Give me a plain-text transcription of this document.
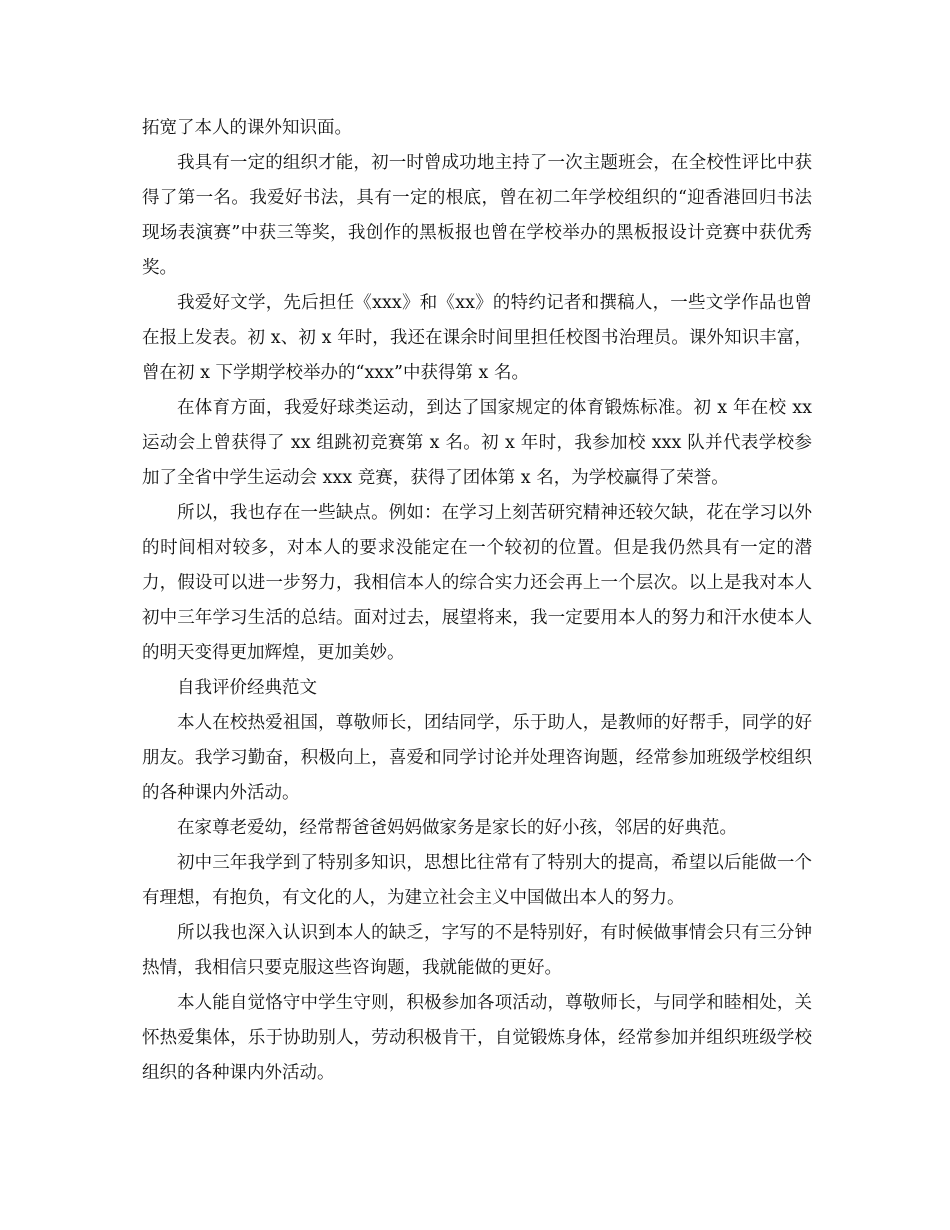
拓宽了本人的课外知识面。

我具有一定的组织才能，初一时曾成功地主持了一次主题班会，在全校性评比中获得了第一名。我爱好书法，具有一定的根底，曾在初二年学校组织的“迎香港回归书法现场表演赛”中获三等奖，我创作的黑板报也曾在学校举办的黑板报设计竞赛中获优秀奖。

我爱好文学，先后担任《xxx》和《xx》的特约记者和撰稿人，一些文学作品也曾在报上发表。初 x、初 x 年时，我还在课余时间里担任校图书治理员。课外知识丰富，曾在初 x 下学期学校举办的“xxx”中获得第 x 名。

在体育方面，我爱好球类运动，到达了国家规定的体育锻炼标准。初 x 年在校 xx 运动会上曾获得了 xx 组跳初竞赛第 x 名。初 x 年时，我参加校 xxx 队并代表学校参加了全省中学生运动会 xxx 竞赛，获得了团体第 x 名，为学校赢得了荣誉。

所以，我也存在一些缺点。例如：在学习上刻苦研究精神还较欠缺，花在学习以外的时间相对较多，对本人的要求没能定在一个较初的位置。但是我仍然具有一定的潜力，假设可以进一步努力，我相信本人的综合实力还会再上一个层次。以上是我对本人初中三年学习生活的总结。面对过去，展望将来，我一定要用本人的努力和汗水使本人的明天变得更加辉煌，更加美妙。

自我评价经典范文

本人在校热爱祖国，尊敬师长，团结同学，乐于助人，是教师的好帮手，同学的好朋友。我学习勤奋，积极向上，喜爱和同学讨论并处理咨询题，经常参加班级学校组织的各种课内外活动。

在家尊老爱幼，经常帮爸爸妈妈做家务是家长的好小孩，邻居的好典范。

初中三年我学到了特别多知识，思想比往常有了特别大的提高，希望以后能做一个有理想，有抱负，有文化的人，为建立社会主义中国做出本人的努力。

所以我也深入认识到本人的缺乏，字写的不是特别好，有时候做事情会只有三分钟热情，我相信只要克服这些咨询题，我就能做的更好。

本人能自觉恪守中学生守则，积极参加各项活动，尊敬师长，与同学和睦相处，关怀热爱集体，乐于协助别人，劳动积极肯干，自觉锻炼身体，经常参加并组织班级学校组织的各种课内外活动。
